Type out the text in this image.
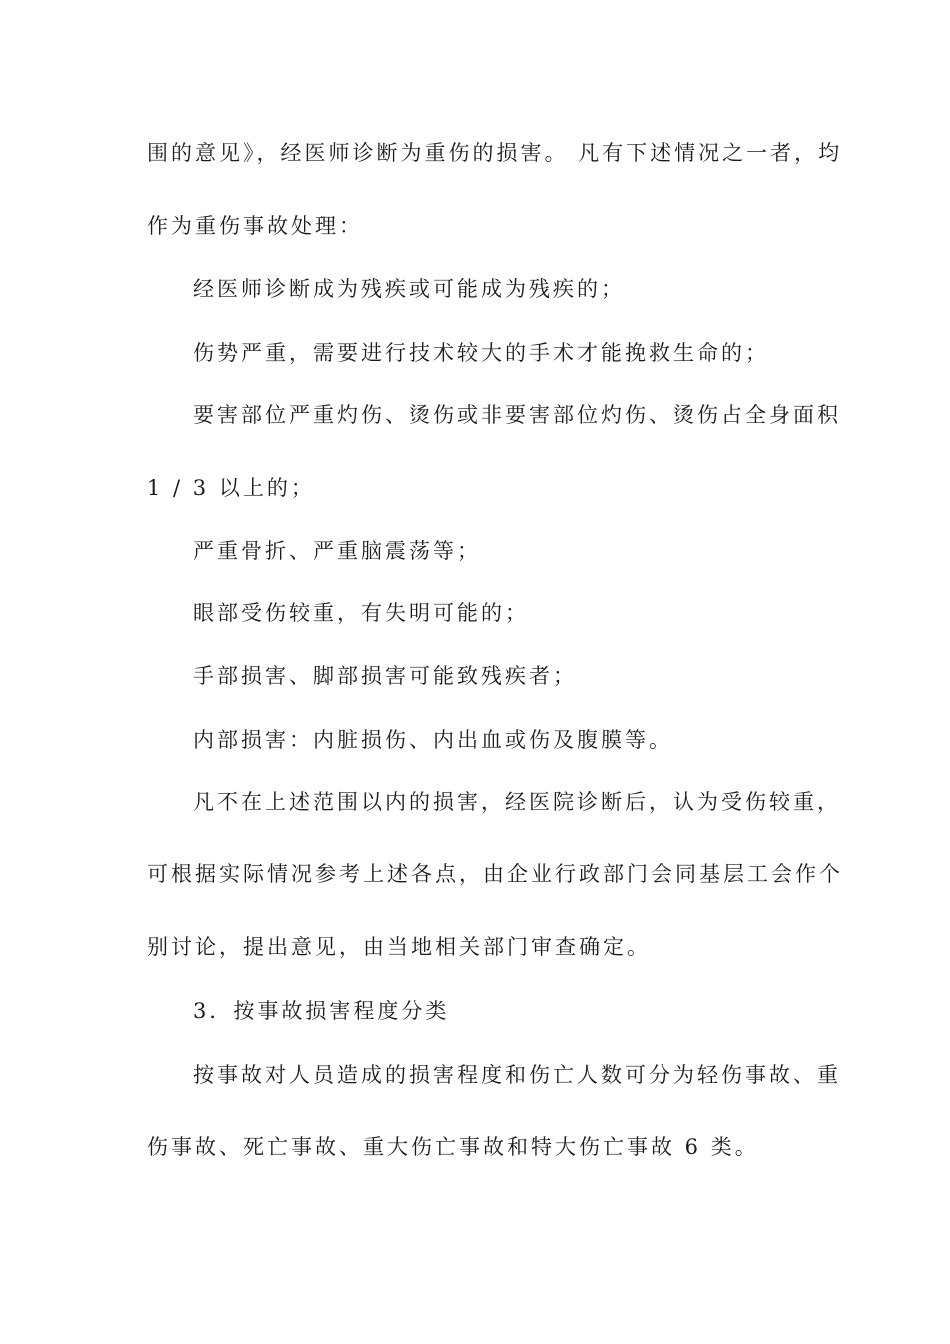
围的意见》，经医师诊断为重伤的损害。 凡有下述情况之一者，均
作为重伤事故处理：
经医师诊断成为残疾或可能成为残疾的；
伤势严重，需要进行技术较大的手术才能挽救生命的；
要害部位严重灼伤、烫伤或非要害部位灼伤、烫伤占全身面积
1 / 3 以上的；
严重骨折、严重脑震荡等；
眼部受伤较重，有失明可能的；
手部损害、脚部损害可能致残疾者；
内部损害：内脏损伤、内出血或伤及腹膜等。
凡不在上述范围以内的损害，经医院诊断后，认为受伤较重，
可根据实际情况参考上述各点，由企业行政部门会同基层工会作个
别讨论，提出意见，由当地相关部门审查确定。
3．按事故损害程度分类
按事故对人员造成的损害程度和伤亡人数可分为轻伤事故、重
伤事故、死亡事故、重大伤亡事故和特大伤亡事故 6 类。
